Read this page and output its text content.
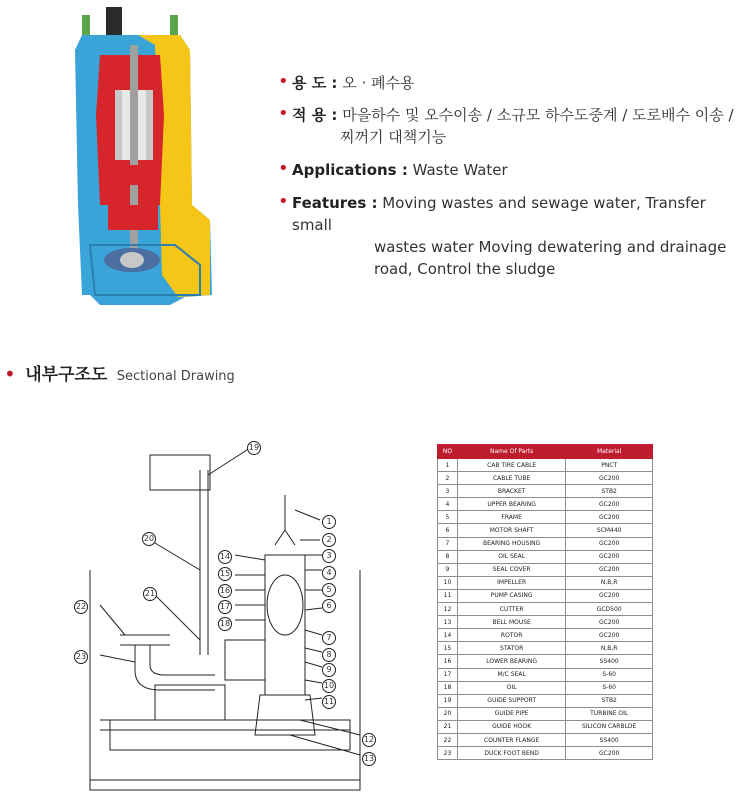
• 용 도 : 오 · 폐수용
• 적 용 : 마을하수 및 오수이송 / 소규모 하수도중계 / 도로배수 이송 /
찌꺼기 대책기능
• Applications : Waste Water
• Features : Moving wastes and sewage water, Transfer small
wastes water Moving dewatering and drainage
road, Control the sludge
• 내부구조도 Sectional Drawing
19
20
21
22
23
1
2
3
4
5
6
7
8
9
10
11
12
13
14
15
16
17
18
NO	Name Of Parts	Material
1	CAB TIRE CABLE	PNCT
2	CABLE TUBE	GC200
3	BRACKET	STB2
4	UPPER BEARING	GC200
5	FRAME	GC200
6	MOTOR SHAFT	SCM440
7	BEARING HOUSING	GC200
8	OIL SEAL	GC200
9	SEAL COVER	GC200
10	IMPELLER	N,B,R
11	PUMP CASING	GC200
12	CUTTER	GCD500
13	BELL MOUSE	GC200
14	ROTOR	GC200
15	STATOR	N,B,R
16	LOWER BEARING	SS400
17	M/C SEAL	S-60
18	OIL	S-60
19	GUIDE SUPPORT	STB2
20	GUIDE PIPE	TURBINE OIL
21	GUIDE HOOK	SILICON CARBLDE
22	COUNTER FLANGE	SS400
23	DUCK FOOT BEND	GC200
